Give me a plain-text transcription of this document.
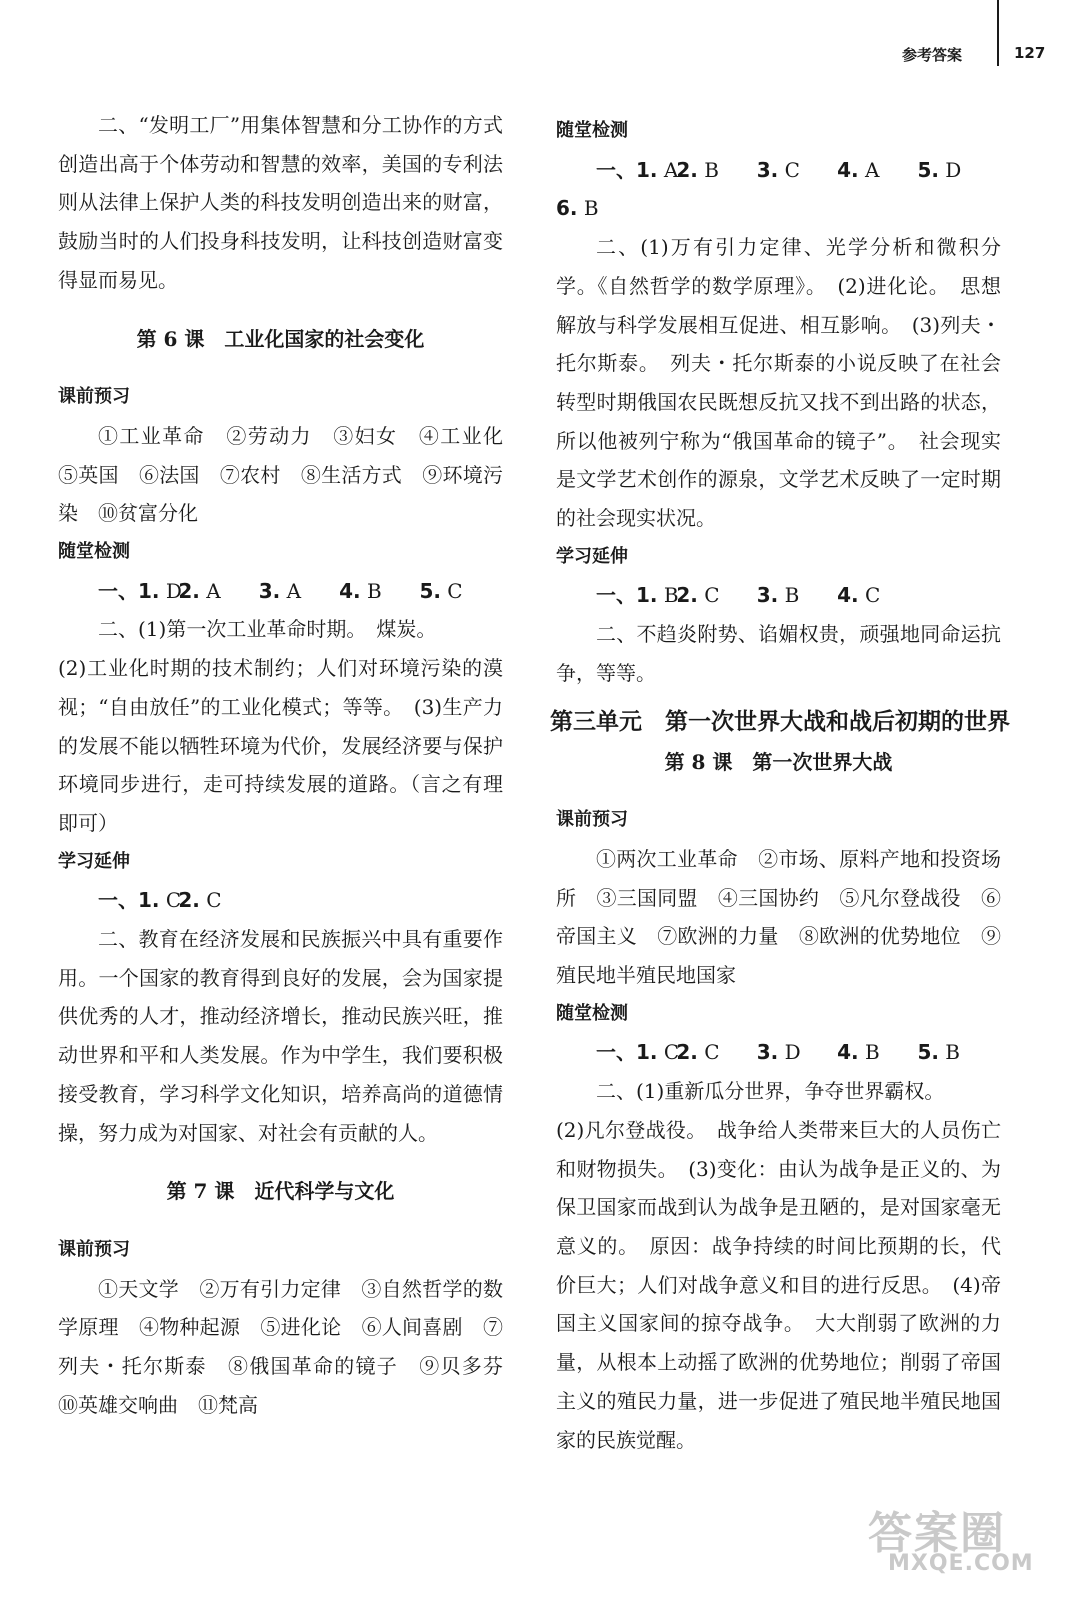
参考答案	127

二、“发明工厂”用集体智慧和分工协作的方式创造出高于个体劳动和智慧的效率，美国的专利法则从法律上保护人类的科技发明创造出来的财富，鼓励当时的人们投身科技发明，让科技创造财富变得显而易见。

第 6 课　工业化国家的社会变化

课前预习

①工业革命　②劳动力　③妇女　④工业化　⑤英国　⑥法国　⑦农村　⑧生活方式　⑨环境污染　⑩贫富分化

随堂检测

一、1. D 2. A 3. A 4. B 5. C

二、(1)第一次工业革命时期。　煤炭。

(2)工业化时期的技术制约；人们对环境污染的漠视；“自由放任”的工业化模式；等等。　(3)生产力的发展不能以牺牲环境为代价，发展经济要与保护环境同步进行，走可持续发展的道路。（言之有理即可）

学习延伸

一、1. C 2. C

二、教育在经济发展和民族振兴中具有重要作用。一个国家的教育得到良好的发展，会为国家提供优秀的人才，推动经济增长，推动民族兴旺，推动世界和平和人类发展。作为中学生，我们要积极接受教育，学习科学文化知识，培养高尚的道德情操，努力成为对国家、对社会有贡献的人。

第 7 课　近代科学与文化

课前预习

①天文学　②万有引力定律　③自然哲学的数学原理　④物种起源　⑤进化论　⑥人间喜剧　⑦列夫・托尔斯泰　⑧俄国革命的镜子　⑨贝多芬　⑩英雄交响曲　⑪梵高

随堂检测

一、1. A 2. B 3. C 4. A 5. D

6. B

二、(1)万有引力定律、光学分析和微积分学。《自然哲学的数学原理》。　(2)进化论。　思想解放与科学发展相互促进、相互影响。　(3)列夫・托尔斯泰。　列夫・托尔斯泰的小说反映了在社会转型时期俄国农民既想反抗又找不到出路的状态，所以他被列宁称为“俄国革命的镜子”。　社会现实是文学艺术创作的源泉，文学艺术反映了一定时期的社会现实状况。

学习延伸

一、1. B 2. C 3. B 4. C

二、不趋炎附势、谄媚权贵，顽强地同命运抗争，等等。

第三单元　第一次世界大战和战后初期的世界

第 8 课　第一次世界大战

课前预习

①两次工业革命　②市场、原料产地和投资场所　③三国同盟　④三国协约　⑤凡尔登战役　⑥帝国主义　⑦欧洲的力量　⑧欧洲的优势地位　⑨殖民地半殖民地国家

随堂检测

一、1. C 2. C 3. D 4. B 5. B

二、(1)重新瓜分世界，争夺世界霸权。

(2)凡尔登战役。　战争给人类带来巨大的人员伤亡和财物损失。　(3)变化：由认为战争是正义的、为保卫国家而战到认为战争是丑陋的，是对国家毫无意义的。　原因：战争持续的时间比预期的长，代价巨大；人们对战争意义和目的进行反思。　(4)帝国主义国家间的掠夺战争。　大大削弱了欧洲的力量，从根本上动摇了欧洲的优势地位；削弱了帝国主义的殖民力量，进一步促进了殖民地半殖民地国家的民族觉醒。

答案圈
MXQE.COM
